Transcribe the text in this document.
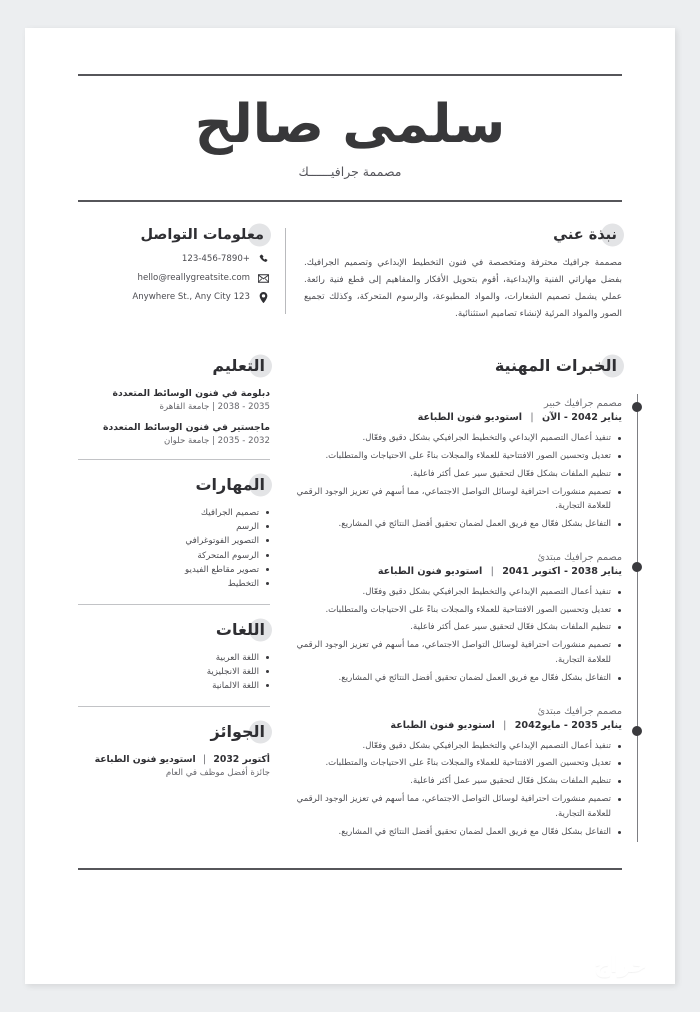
سلمى صالح
مصممة جرافيــــــك
نبذة عني

مصممة جرافيك محترفة ومتخصصة في فنون التخطيط الإبداعي وتصميم الجرافيك. بفضل مهاراتي الفنية والإبداعية، أقوم بتحويل الأفكار والمفاهيم إلى قطع فنية رائعة. عملي يشمل تصميم الشعارات، والمواد المطبوعة، والرسوم المتحركة، وكذلك تجميع الصور والمواد المرئية لإنشاء تصاميم استثنائية.

معلومات التواصل
123-456-7890+
hello@reallygreatsite.com
Anywhere St., Any City 123
الخبرات المهنية
مصمم جرافيك خبير
يناير 2042 - الآن | استوديو فنون الطباعة
تنفيذ أعمال التصميم الإبداعي والتخطيط الجرافيكي بشكل دقيق وفعّال.
تعديل وتحسين الصور الافتتاحية للعملاء والمجلات بناءً على الاحتياجات والمتطلبات.
تنظيم الملفات بشكل فعّال لتحقيق سير عمل أكثر فاعلية.
تصميم منشورات احترافية لوسائل التواصل الاجتماعي، مما أسهم في تعزيز الوجود الرقمي للعلامة التجارية.
التفاعل بشكل فعّال مع فريق العمل لضمان تحقيق أفضل النتائج في المشاريع.
مصمم جرافيك مبتدئ
يناير 2038 - اكتوبر 2041 | استوديو فنون الطباعة
تنفيذ أعمال التصميم الإبداعي والتخطيط الجرافيكي بشكل دقيق وفعّال.
تعديل وتحسين الصور الافتتاحية للعملاء والمجلات بناءً على الاحتياجات والمتطلبات.
تنظيم الملفات بشكل فعّال لتحقيق سير عمل أكثر فاعلية.
تصميم منشورات احترافية لوسائل التواصل الاجتماعي، مما أسهم في تعزيز الوجود الرقمي للعلامة التجارية.
التفاعل بشكل فعّال مع فريق العمل لضمان تحقيق أفضل النتائج في المشاريع.
مصمم جرافيك مبتدئ
يناير 2035 - مايو2042 | استوديو فنون الطباعة
تنفيذ أعمال التصميم الإبداعي والتخطيط الجرافيكي بشكل دقيق وفعّال.
تعديل وتحسين الصور الافتتاحية للعملاء والمجلات بناءً على الاحتياجات والمتطلبات.
تنظيم الملفات بشكل فعّال لتحقيق سير عمل أكثر فاعلية.
تصميم منشورات احترافية لوسائل التواصل الاجتماعي، مما أسهم في تعزيز الوجود الرقمي للعلامة التجارية.
التفاعل بشكل فعّال مع فريق العمل لضمان تحقيق أفضل النتائج في المشاريع.
التعليم
دبلومة في فنون الوسائط المتعددة
2035 - 2038 | جامعة القاهرة
ماجستير في فنون الوسائط المتعددة
2032 - 2035 | جامعة حلوان
المهارات
تصميم الجرافيك
الرسم
التصوير الفوتوغرافي
الرسوم المتحركة
تصوير مقاطع الفيديو
التخطيط
اللغات
اللغة العربية
اللغة الانجليزية
اللغة الالمانية
الجوائز
أكتوبر 2032 | استوديو فنون الطباعة
جائزة أفضل موظف في العام
حراج
